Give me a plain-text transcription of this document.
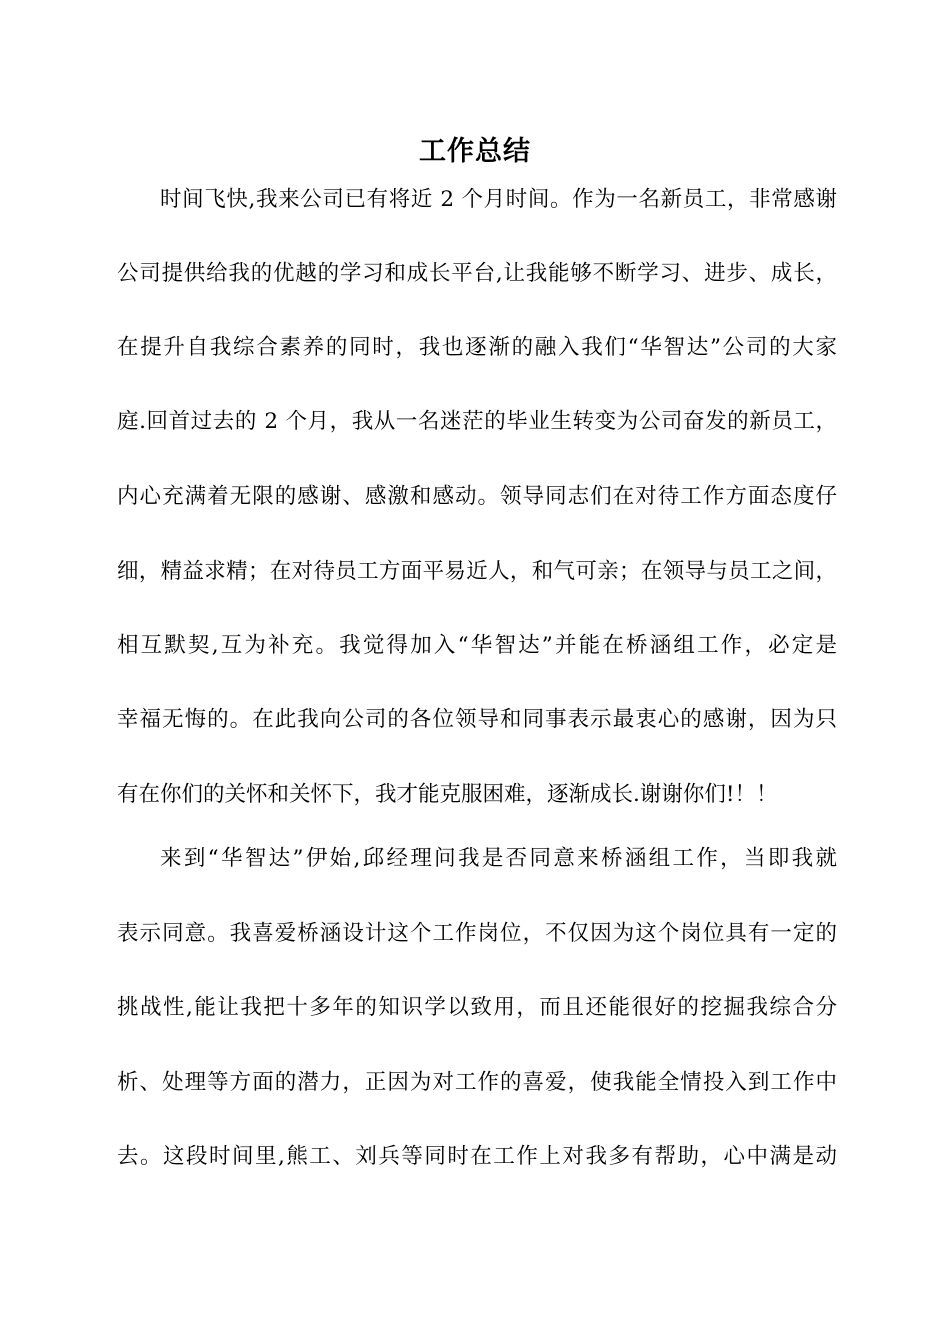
工作总结
时间飞快,我来公司已有将近 2 个月时间。作为一名新员工，非常感谢
公司提供给我的优越的学习和成长平台,让我能够不断学习、进步、成长，
在提升自我综合素养的同时，我也逐渐的融入我们“华智达”公司的大家
庭.回首过去的 2 个月，我从一名迷茫的毕业生转变为公司奋发的新员工，
内心充满着无限的感谢、感激和感动。领导同志们在对待工作方面态度仔
细，精益求精；在对待员工方面平易近人，和气可亲；在领导与员工之间，
相互默契,互为补充。我觉得加入“华智达”并能在桥涵组工作，必定是
幸福无悔的。在此我向公司的各位领导和同事表示最衷心的感谢，因为只
有在你们的关怀和关怀下，我才能克服困难，逐渐成长.谢谢你们!！！
来到“华智达”伊始,邱经理问我是否同意来桥涵组工作，当即我就
表示同意。我喜爱桥涵设计这个工作岗位，不仅因为这个岗位具有一定的
挑战性,能让我把十多年的知识学以致用，而且还能很好的挖掘我综合分
析、处理等方面的潜力，正因为对工作的喜爱，使我能全情投入到工作中
去。这段时间里,熊工、刘兵等同时在工作上对我多有帮助，心中满是动
